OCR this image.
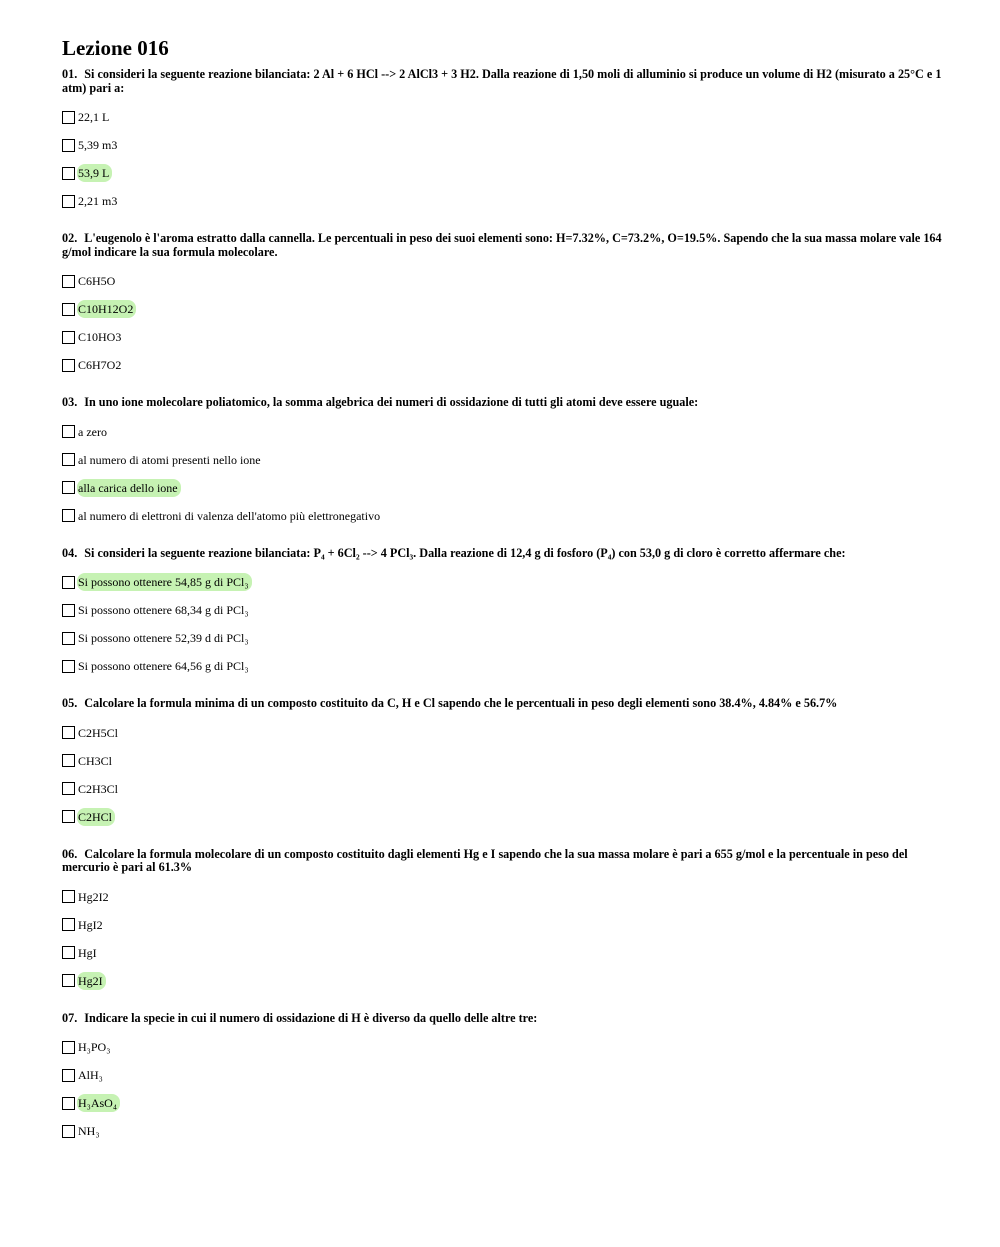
Lezione 016

01. Si consideri la seguente reazione bilanciata: 2 Al + 6 HCl --> 2 AlCl3 + 3 H2. Dalla reazione di 1,50 moli di alluminio si produce un volume di H2 (misurato a 25°C e 1 atm) pari a:

22,1 L
5,39 m3
53,9 L
2,21 m3

02. L'eugenolo è l'aroma estratto dalla cannella. Le percentuali in peso dei suoi elementi sono: H=7.32%, C=73.2%, O=19.5%. Sapendo che la sua massa molare vale 164 g/mol indicare la sua formula molecolare.

C6H5O
C10H12O2
C10HO3
C6H7O2

03. In uno ione molecolare poliatomico, la somma algebrica dei numeri di ossidazione di tutti gli atomi deve essere uguale:

a zero
al numero di atomi presenti nello ione
alla carica dello ione
al numero di elettroni di valenza dell'atomo più elettronegativo

04. Si consideri la seguente reazione bilanciata: P₄ + 6Cl₂ --> 4 PCl₃. Dalla reazione di 12,4 g di fosforo (P₄) con 53,0 g di cloro è corretto affermare che:

Si possono ottenere 54,85 g di PCl₃
Si possono ottenere 68,34 g di PCl₃
Si possono ottenere 52,39 d di PCl₃
Si possono ottenere 64,56 g di PCl₃

05. Calcolare la formula minima di un composto costituito da C, H e Cl sapendo che le percentuali in peso degli elementi sono 38.4%, 4.84% e 56.7%

C2H5Cl
CH3Cl
C2H3Cl
C2HCl

06. Calcolare la formula molecolare di un composto costituito dagli elementi Hg e I sapendo che la sua massa molare è pari a 655 g/mol e la percentuale in peso del mercurio è pari al 61.3%

Hg2I2
HgI2
HgI
Hg2I

07. Indicare la specie in cui il numero di ossidazione di H è diverso da quello delle altre tre:

H₃PO₃
AlH₃
H₃AsO₄
NH₃
